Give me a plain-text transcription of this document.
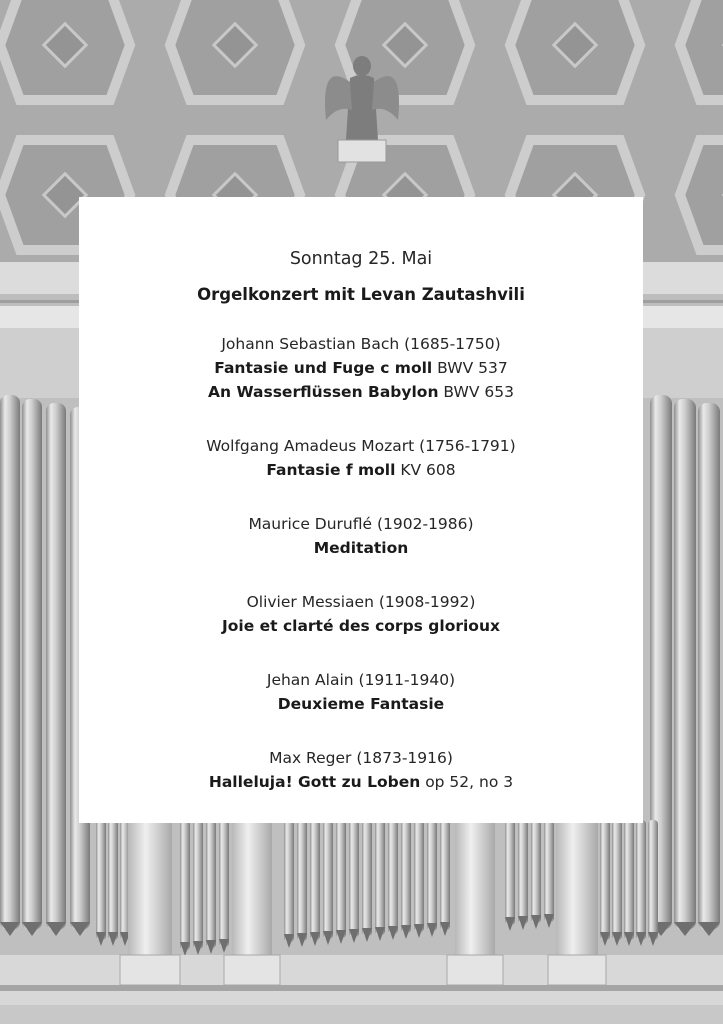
Sonntag 25. Mai

Orgelkonzert mit Levan Zautashvili

Johann Sebastian Bach (1685-1750)

Fantasie und Fuge c moll BWV 537

An Wasserflüssen Babylon BWV 653

Wolfgang Amadeus Mozart (1756-1791)

Fantasie f moll KV 608

Maurice Duruflé (1902-1986)

Meditation

Olivier Messiaen (1908-1992)

Joie et clarté des corps glorioux

Jehan Alain (1911-1940)

Deuxieme Fantasie

Max Reger (1873-1916)

Halleluja! Gott zu Loben op 52, no 3
